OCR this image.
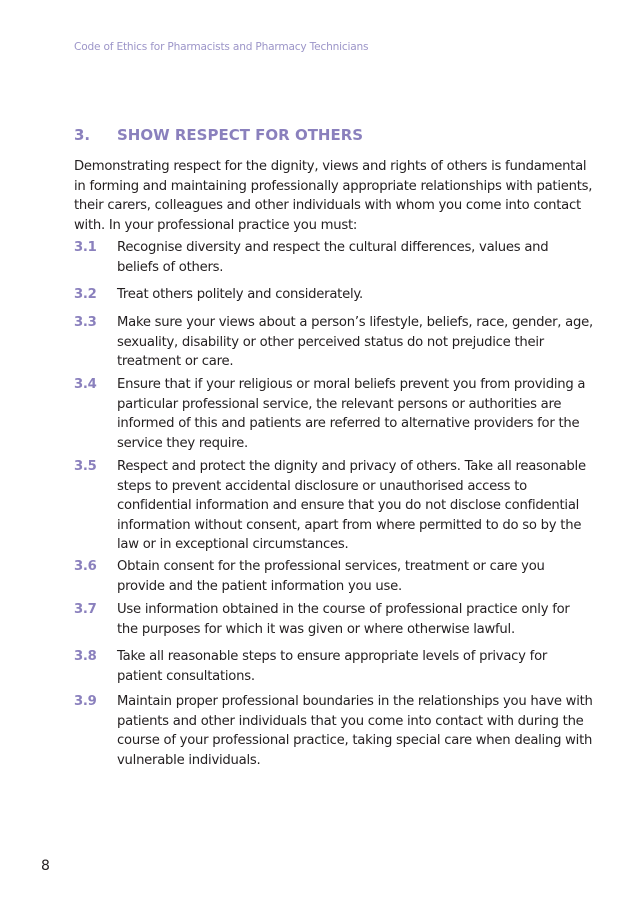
Code of Ethics for Pharmacists and Pharmacy Technicians
3. SHOW RESPECT FOR OTHERS
Demonstrating respect for the dignity, views and rights of others is fundamental in forming and maintaining professionally appropriate relationships with patients, their carers, colleagues and other individuals with whom you come into contact with. In your professional practice you must:
3.1 Recognise diversity and respect the cultural differences, values and beliefs of others.
3.2 Treat others politely and considerately.
3.3 Make sure your views about a person’s lifestyle, beliefs, race, gender, age, sexuality, disability or other perceived status do not prejudice their treatment or care.
3.4 Ensure that if your religious or moral beliefs prevent you from providing a particular professional service, the relevant persons or authorities are informed of this and patients are referred to alternative providers for the service they require.
3.5 Respect and protect the dignity and privacy of others. Take all reasonable steps to prevent accidental disclosure or unauthorised access to confidential information and ensure that you do not disclose confidential information without consent, apart from where permitted to do so by the law or in exceptional circumstances.
3.6 Obtain consent for the professional services, treatment or care you provide and the patient information you use.
3.7 Use information obtained in the course of professional practice only for the purposes for which it was given or where otherwise lawful.
3.8 Take all reasonable steps to ensure appropriate levels of privacy for patient consultations.
3.9 Maintain proper professional boundaries in the relationships you have with patients and other individuals that you come into contact with during the course of your professional practice, taking special care when dealing with vulnerable individuals.
8
